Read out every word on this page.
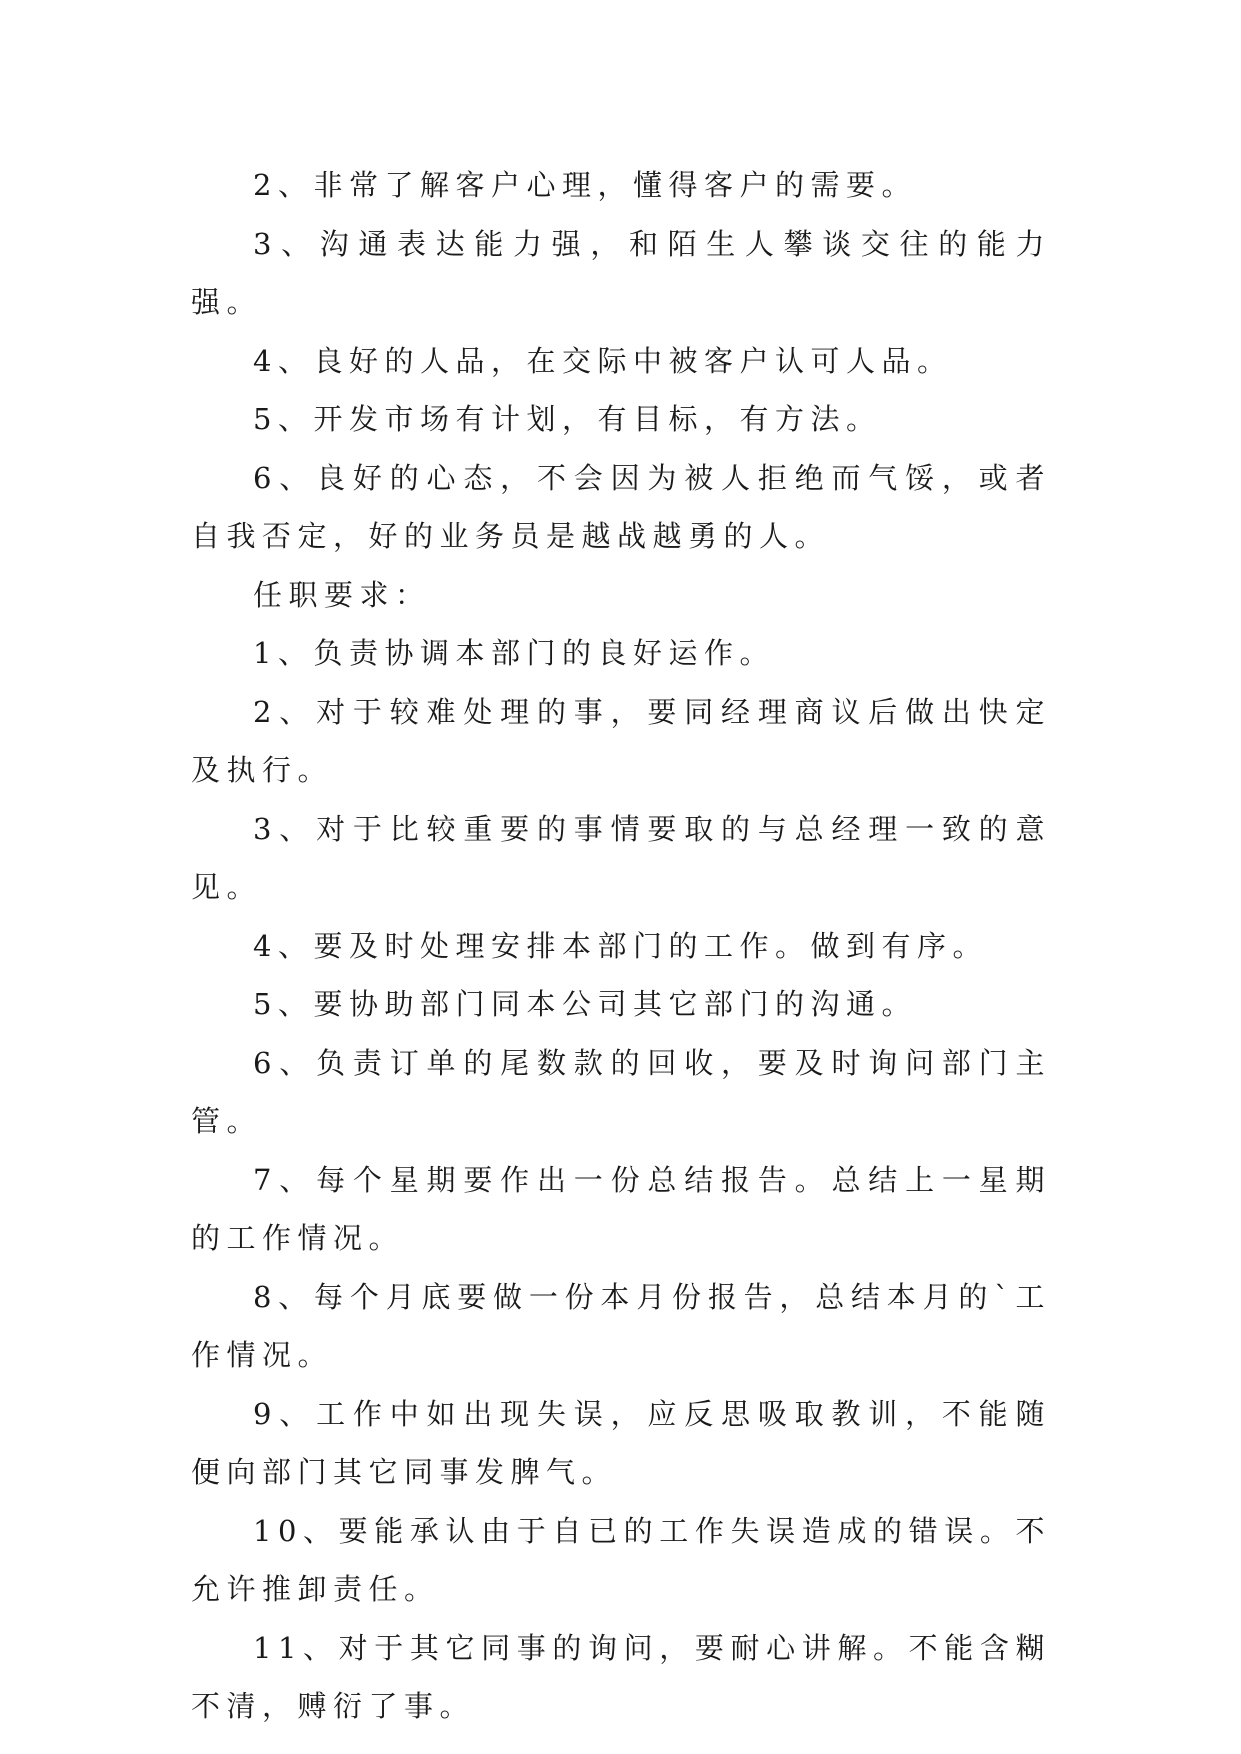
2、非常了解客户心理，懂得客户的需要。

3、沟通表达能力强，和陌生人攀谈交往的能力强。

4、良好的人品，在交际中被客户认可人品。

5、开发市场有计划，有目标，有方法。

6、良好的心态，不会因为被人拒绝而气馁，或者自我否定，好的业务员是越战越勇的人。

任职要求：

1、负责协调本部门的良好运作。

2、对于较难处理的事，要同经理商议后做出快定及执行。

3、对于比较重要的事情要取的与总经理一致的意见。

4、要及时处理安排本部门的工作。做到有序。

5、要协助部门同本公司其它部门的沟通。

6、负责订单的尾数款的回收，要及时询问部门主管。

7、每个星期要作出一份总结报告。总结上一星期的工作情况。

8、每个月底要做一份本月份报告，总结本月的`工作情况。

9、工作中如出现失误，应反思吸取教训，不能随便向部门其它同事发脾气。

10、要能承认由于自已的工作失误造成的错误。不允许推卸责任。

11、对于其它同事的询问，要耐心讲解。不能含糊不清，赙衍了事。
